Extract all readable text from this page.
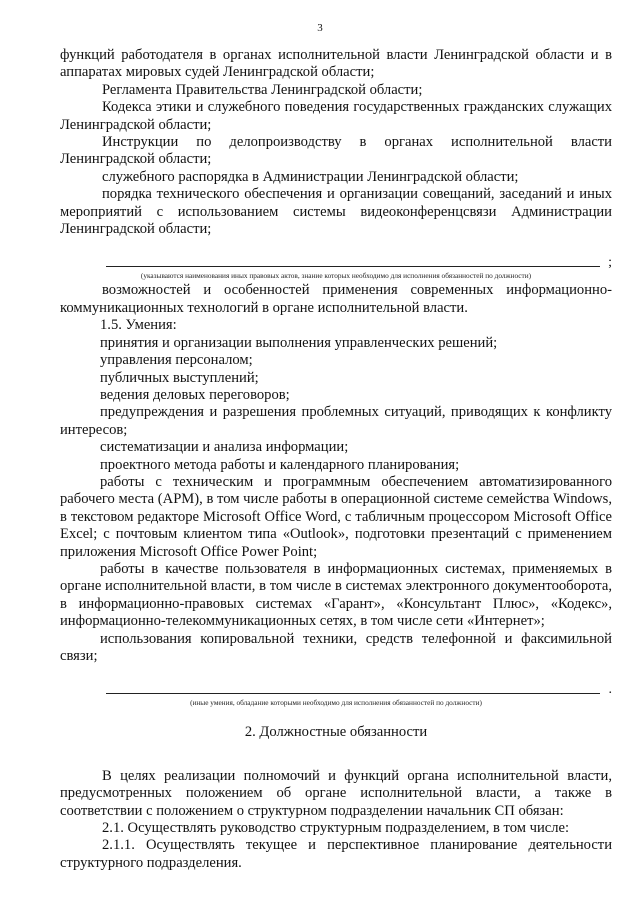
3

функций работодателя в органах исполнительной власти Ленинградской области и в аппаратах мировых судей Ленинградской области;

Регламента Правительства Ленинградской области;

Кодекса этики и служебного поведения государственных гражданских служащих Ленинградской области;

Инструкции по делопроизводству в органах исполнительной власти Ленинградской области;

служебного распорядка в Администрации Ленинградской области;

порядка технического обеспечения и организации совещаний, заседаний и иных мероприятий с использованием системы видеоконференцсвязи Администрации Ленинградской области;

;
(указываются наименования иных правовых актов, знание которых необходимо для исполнения обязанностей по должности)

возможностей и особенностей применения современных информационно-коммуникационных технологий в органе исполнительной власти.

1.5. Умения:

принятия и организации выполнения управленческих решений;

управления персоналом;

публичных выступлений;

ведения деловых переговоров;

предупреждения и разрешения проблемных ситуаций, приводящих к конфликту интересов;

систематизации и анализа информации;

проектного метода работы и календарного планирования;

работы с техническим и программным обеспечением автоматизированного рабочего места (АРМ), в том числе работы в операционной системе семейства Windows, в текстовом редакторе Microsoft Office Word, с табличным процессором Microsoft Office Excel; с почтовым клиентом типа «Outlook», подготовки презентаций с применением приложения Microsoft Office Power Point;

работы в качестве пользователя в информационных системах, применяемых в органе исполнительной власти, в том числе в системах электронного документооборота, в информационно-правовых системах «Гарант», «Консультант Плюс», «Кодекс», информационно-телекоммуникационных сетях, в том числе сети «Интернет»;

использования копировальной техники, средств телефонной и факсимильной связи;

.
(иные умения, обладание которыми необходимо для исполнения обязанностей по должности)

2. Должностные обязанности

В целях реализации полномочий и функций органа исполнительной власти, предусмотренных положением об органе исполнительной власти, а также в соответствии с положением о структурном подразделении начальник СП обязан:

2.1. Осуществлять руководство структурным подразделением, в том числе:

2.1.1. Осуществлять текущее и перспективное планирование деятельности структурного подразделения.
